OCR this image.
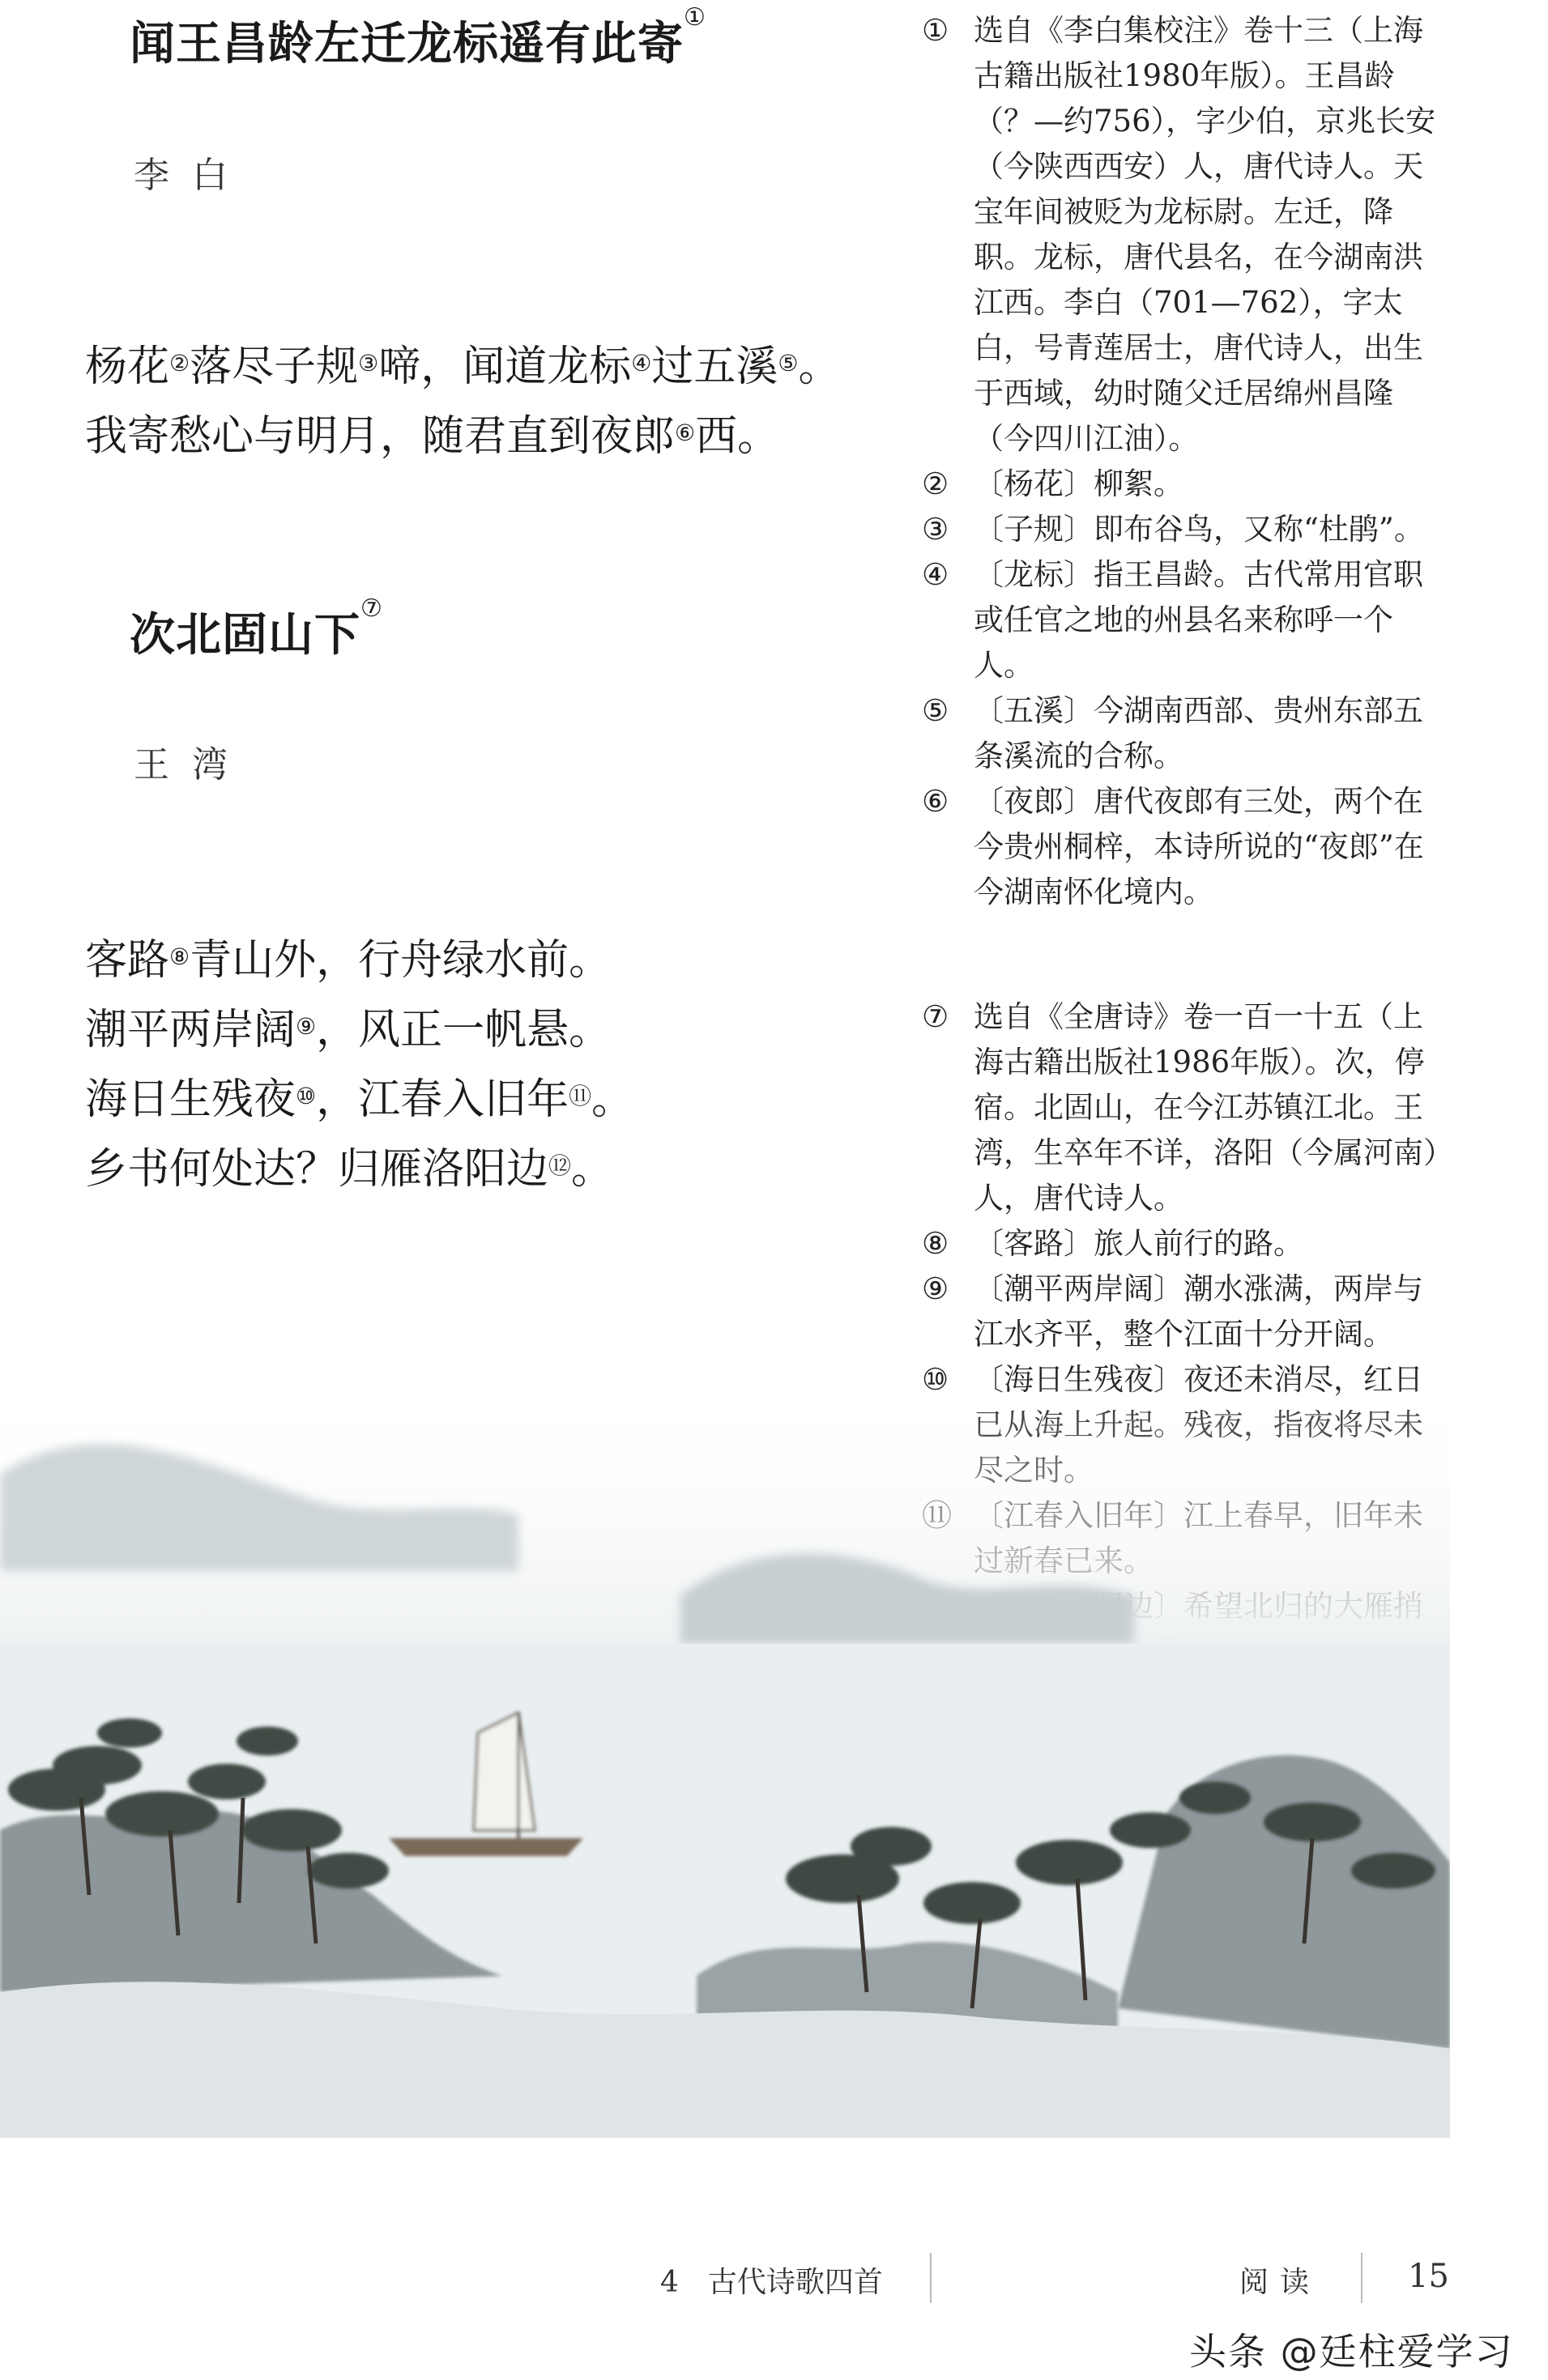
闻王昌龄左迁龙标遥有此寄①
李白
杨花②落尽子规③啼，闻道龙标④过五溪⑤。
我寄愁心与明月，随君直到夜郎⑥西。
次北固山下⑦
王湾
客路⑧青山外，行舟绿水前。
潮平两岸阔⑨，风正一帆悬。
海日生残夜⑩，江春入旧年⑪。
乡书何处达？归雁洛阳边⑫。

① 选自《李白集校注》卷十三（上海古籍出版社1980年版）。王昌龄（？—约756），字少伯，京兆长安（今陕西西安）人，唐代诗人。天宝年间被贬为龙标尉。左迁，降职。龙标，唐代县名，在今湖南洪江西。李白（701—762），字太白，号青莲居士，唐代诗人，出生于西域，幼时随父迁居绵州昌隆（今四川江油）。

② 〔杨花〕柳絮。

③ 〔子规〕即布谷鸟，又称“杜鹃”。

④ 〔龙标〕指王昌龄。古代常用官职或任官之地的州县名来称呼一个人。

⑤ 〔五溪〕今湖南西部、贵州东部五条溪流的合称。

⑥ 〔夜郎〕唐代夜郎有三处，两个在今贵州桐梓，本诗所说的“夜郎”在今湖南怀化境内。

⑦ 选自《全唐诗》卷一百一十五（上海古籍出版社1986年版）。次，停宿。北固山，在今江苏镇江北。王湾，生卒年不详，洛阳（今属河南）人，唐代诗人。

⑧ 〔客路〕旅人前行的路。

⑨ 〔潮平两岸阔〕潮水涨满，两岸与江水齐平，整个江面十分开阔。

4　古代诗歌四首	阅读	15
头条 @廷柱爱学习
